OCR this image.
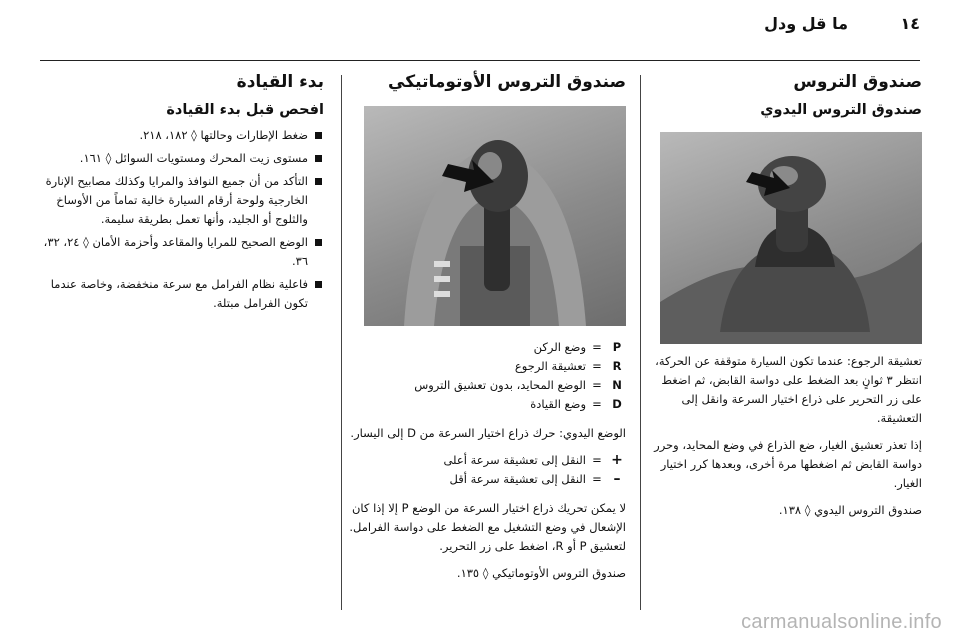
١٤
ما قل ودل
صندوق التروس
صندوق التروس اليدوي

تعشيقة الرجوع: عندما تكون السيارة متوقفة عن الحركة، انتظر ٣ ثوانٍ بعد الضغط على دواسة القابض، ثم اضغط على زر التحرير على ذراع اختيار السرعة وانقل إلى التعشيقة.

إذا تعذر تعشيق الغيار، ضع الذراع في وضع المحايد، وحرر دواسة القابض ثم اضغطها مرة أخرى، وبعدها كرر اختيار الغيار.

صندوق التروس اليدوي ◊ ١٣٨.

صندوق التروس الأوتوماتيكي
P
=
وضع الركن
R
=
تعشيقة الرجوع
N
=
الوضع المحايد، بدون تعشيق التروس
D
=
وضع القيادة

الوضع اليدوي: حرك ذراع اختيار السرعة من D إلى اليسار.

+
=
النقل إلى تعشيقة سرعة أعلى
–
=
النقل إلى تعشيقة سرعة أقل

لا يمكن تحريك ذراع اختيار السرعة من الوضع P إلا إذا كان الإشعال في وضع التشغيل مع الضغط على دواسة الفرامل. لتعشيق P أو R، اضغط على زر التحرير.

صندوق التروس الأوتوماتيكي ◊ ١٣٥.

بدء القيادة
افحص قبل بدء القيادة
ضغط الإطارات وحالتها ◊ ١٨٢، ٢١٨.
مستوى زيت المحرك ومستويات السوائل ◊ ١٦١.
التأكد من أن جميع النوافذ والمرايا وكذلك مصابيح الإنارة الخارجية ولوحة أرقام السيارة خالية تماماً من الأوساخ والثلوج أو الجليد، وأنها تعمل بطريقة سليمة.
الوضع الصحيح للمرايا والمقاعد وأحزمة الأمان ◊ ٢٤، ٣٢، ٣٦.
فاعلية نظام الفرامل مع سرعة منخفضة، وخاصة عندما تكون الفرامل مبتلة.
carmanualsonline.info
